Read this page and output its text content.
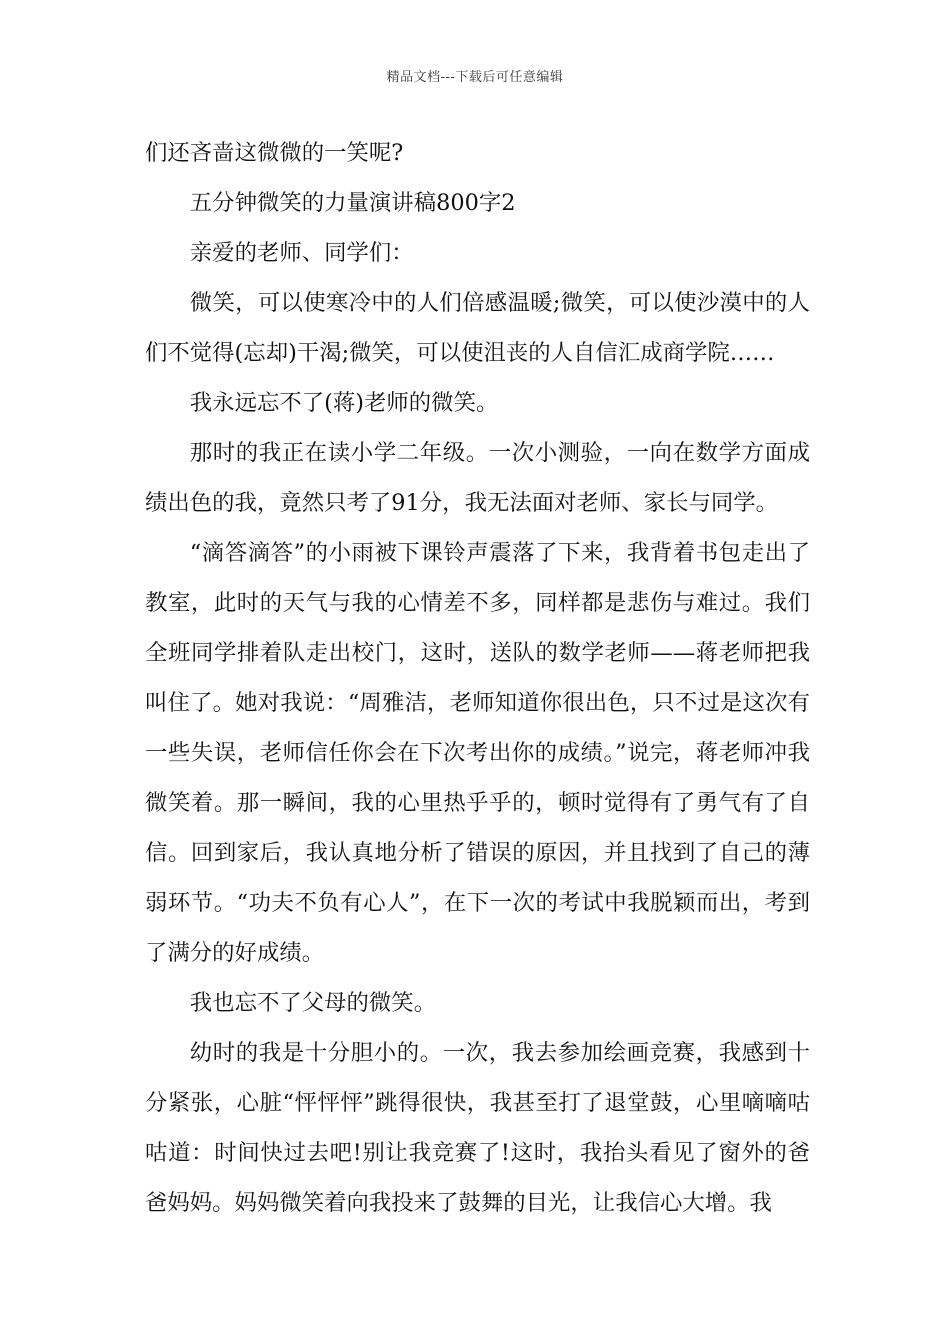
精品文档---下载后可任意编辑

们还吝啬这微微的一笑呢?

五分钟微笑的力量演讲稿800字2

亲爱的老师、同学们：

微笑，可以使寒冷中的人们倍感温暖;微笑，可以使沙漠中的人们不觉得(忘却)干渴;微笑，可以使沮丧的人自信汇成商学院……

我永远忘不了(蒋)老师的微笑。

那时的我正在读小学二年级。一次小测验，一向在数学方面成绩出色的我，竟然只考了91分，我无法面对老师、家长与同学。

“滴答滴答”的小雨被下课铃声震落了下来，我背着书包走出了教室，此时的天气与我的心情差不多，同样都是悲伤与难过。我们全班同学排着队走出校门，这时，送队的数学老师——蒋老师把我叫住了。她对我说：“周雅洁，老师知道你很出色，只不过是这次有一些失误，老师信任你会在下次考出你的成绩。”说完，蒋老师冲我微笑着。那一瞬间，我的心里热乎乎的，顿时觉得有了勇气有了自信。回到家后，我认真地分析了错误的原因，并且找到了自己的薄弱环节。“功夫不负有心人”，在下一次的考试中我脱颖而出，考到了满分的好成绩。

我也忘不了父母的微笑。

幼时的我是十分胆小的。一次，我去参加绘画竞赛，我感到十分紧张，心脏“怦怦怦”跳得很快，我甚至打了退堂鼓，心里嘀嘀咕咕道：时间快过去吧!别让我竞赛了!这时，我抬头看见了窗外的爸爸妈妈。妈妈微笑着向我投来了鼓舞的目光，让我信心大增。我
